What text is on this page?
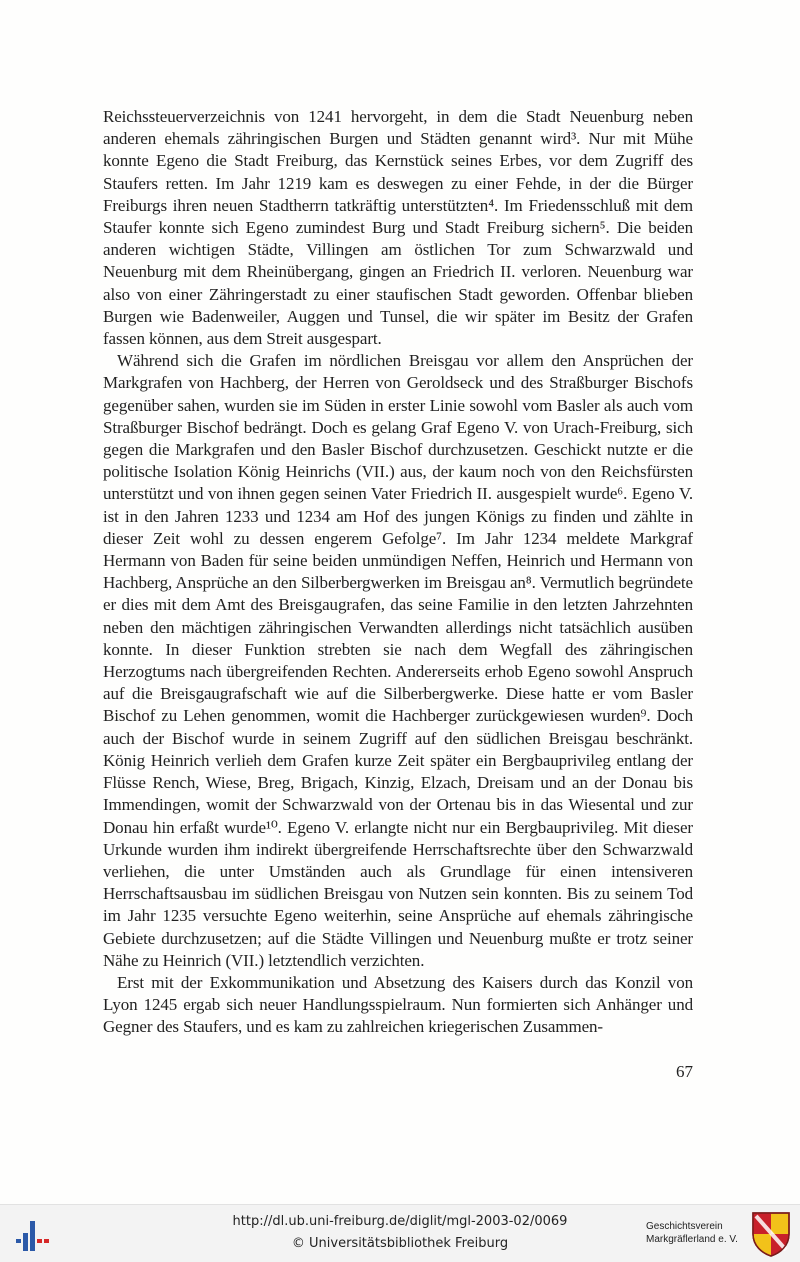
Reichssteuerverzeichnis von 1241 hervorgeht, in dem die Stadt Neuenburg neben anderen ehemals zähringischen Burgen und Städten genannt wird³. Nur mit Mühe konnte Egeno die Stadt Freiburg, das Kernstück seines Erbes, vor dem Zugriff des Staufers retten. Im Jahr 1219 kam es deswegen zu einer Fehde, in der die Bürger Freiburgs ihren neuen Stadtherrn tatkräftig unterstützten⁴. Im Friedensschluß mit dem Staufer konnte sich Egeno zumindest Burg und Stadt Freiburg sichern⁵. Die beiden anderen wichtigen Städte, Villingen am östlichen Tor zum Schwarzwald und Neuenburg mit dem Rheinübergang, gingen an Friedrich II. verloren. Neuenburg war also von einer Zähringerstadt zu einer staufischen Stadt geworden. Offenbar blieben Burgen wie Badenweiler, Auggen und Tunsel, die wir später im Besitz der Grafen fassen können, aus dem Streit ausgespart.

Während sich die Grafen im nördlichen Breisgau vor allem den Ansprüchen der Markgrafen von Hachberg, der Herren von Geroldseck und des Straßburger Bischofs gegenüber sahen, wurden sie im Süden in erster Linie sowohl vom Basler als auch vom Straßburger Bischof bedrängt. Doch es gelang Graf Egeno V. von Urach-Freiburg, sich gegen die Markgrafen und den Basler Bischof durchzusetzen. Geschickt nutzte er die politische Isolation König Heinrichs (VII.) aus, der kaum noch von den Reichsfürsten unterstützt und von ihnen gegen seinen Vater Friedrich II. ausgespielt wurde⁶. Egeno V. ist in den Jahren 1233 und 1234 am Hof des jungen Königs zu finden und zählte in dieser Zeit wohl zu dessen engerem Gefolge⁷. Im Jahr 1234 meldete Markgraf Hermann von Baden für seine beiden unmündigen Neffen, Heinrich und Hermann von Hachberg, Ansprüche an den Silberbergwerken im Breisgau an⁸. Vermutlich begründete er dies mit dem Amt des Breisgaugrafen, das seine Familie in den letzten Jahrzehnten neben den mächtigen zähringischen Verwandten allerdings nicht tatsächlich ausüben konnte. In dieser Funktion strebten sie nach dem Wegfall des zähringischen Herzogtums nach übergreifenden Rechten. Andererseits erhob Egeno sowohl Anspruch auf die Breisgaugrafschaft wie auf die Silberbergwerke. Diese hatte er vom Basler Bischof zu Lehen genommen, womit die Hachberger zurückgewiesen wurden⁹. Doch auch der Bischof wurde in seinem Zugriff auf den südlichen Breisgau beschränkt. König Heinrich verlieh dem Grafen kurze Zeit später ein Bergbauprivileg entlang der Flüsse Rench, Wiese, Breg, Brigach, Kinzig, Elzach, Dreisam und an der Donau bis Immendingen, womit der Schwarzwald von der Ortenau bis in das Wiesental und zur Donau hin erfaßt wurde¹⁰. Egeno V. erlangte nicht nur ein Bergbauprivileg. Mit dieser Urkunde wurden ihm indirekt übergreifende Herrschaftsrechte über den Schwarzwald verliehen, die unter Umständen auch als Grundlage für einen intensiveren Herrschaftsausbau im südlichen Breisgau von Nutzen sein konnten. Bis zu seinem Tod im Jahr 1235 versuchte Egeno weiterhin, seine Ansprüche auf ehemals zähringische Gebiete durchzusetzen; auf die Städte Villingen und Neuenburg mußte er trotz seiner Nähe zu Heinrich (VII.) letztendlich verzichten.

Erst mit der Exkommunikation und Absetzung des Kaisers durch das Konzil von Lyon 1245 ergab sich neuer Handlungsspielraum. Nun formierten sich Anhänger und Gegner des Staufers, und es kam zu zahlreichen kriegerischen Zusammen-

67
http://dl.ub.uni-freiburg.de/diglit/mgl-2003-02/0069
© Universitätsbibliothek Freiburg
Geschichtsverein
Markgräflerland e. V.
